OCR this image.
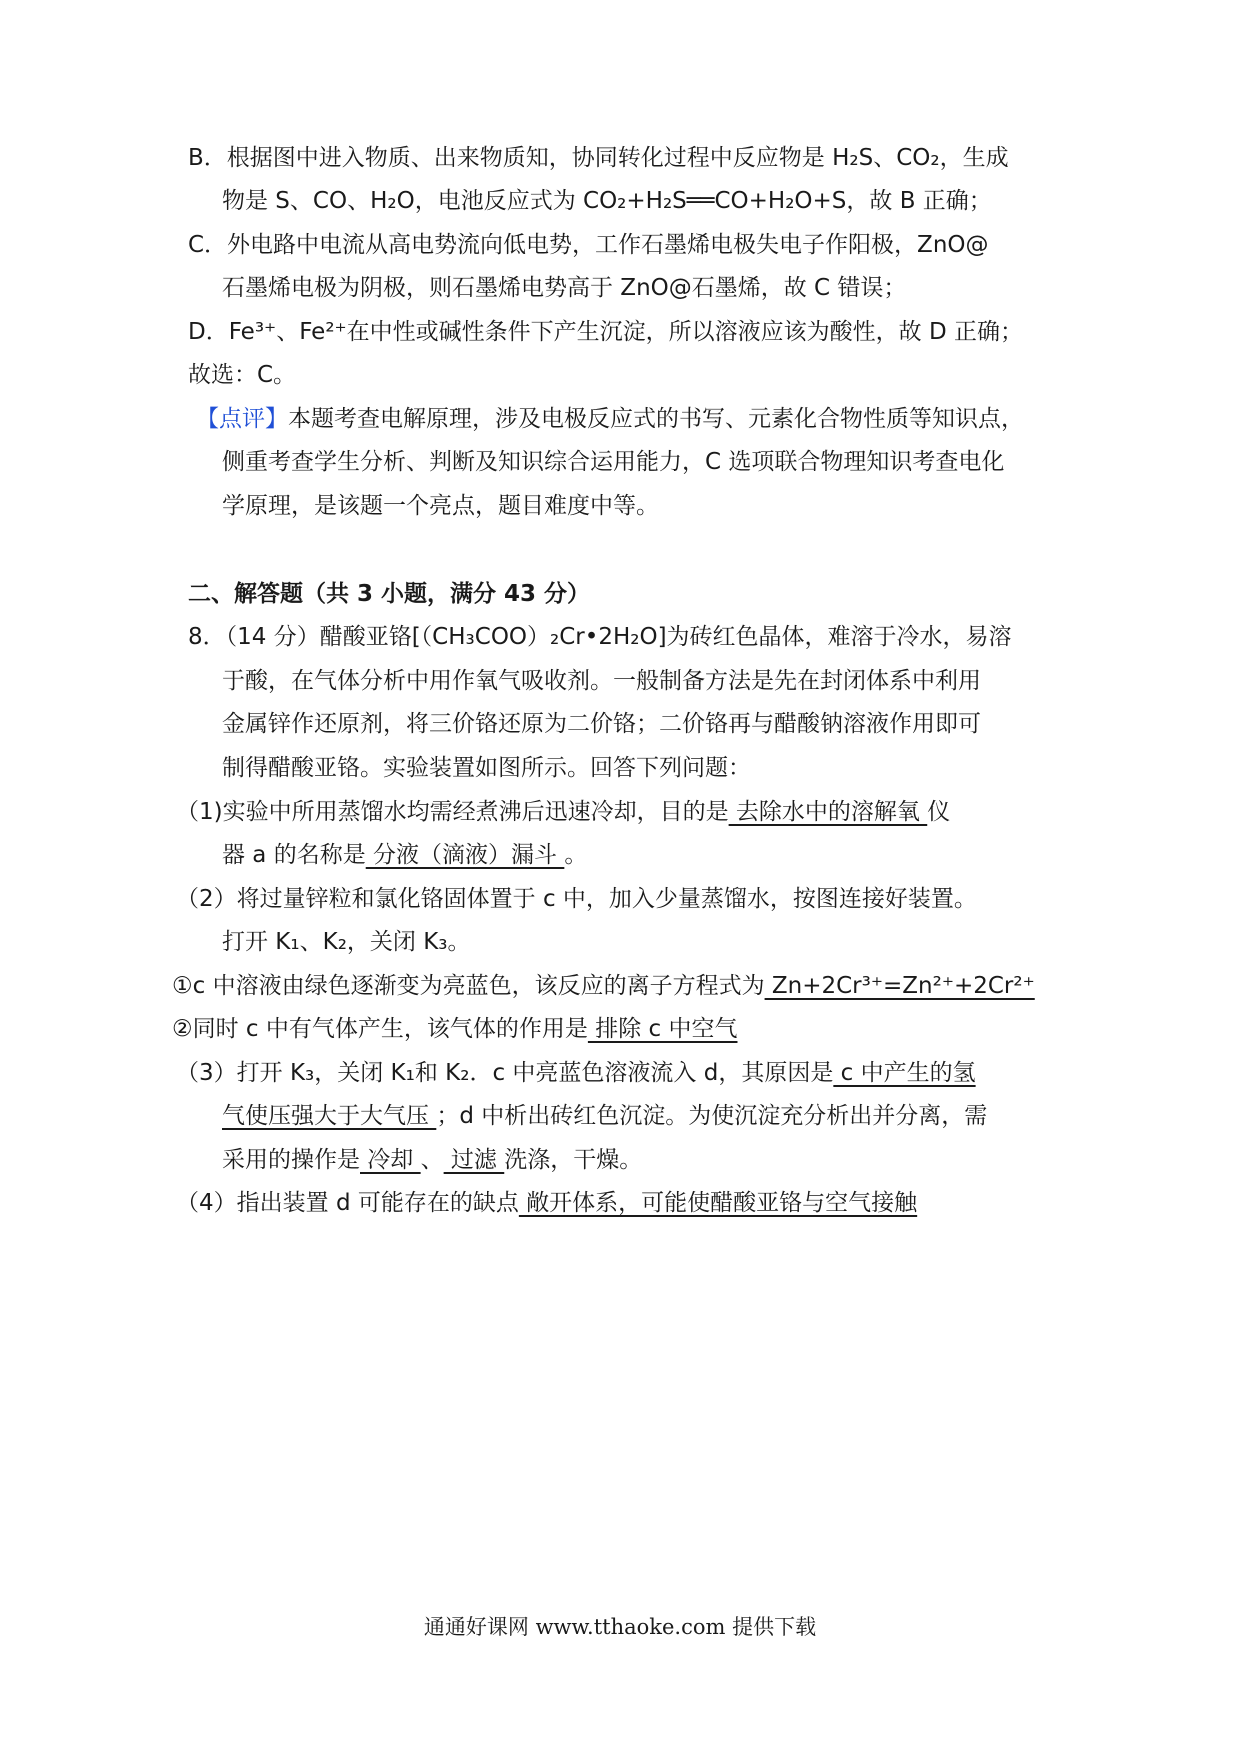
B．根据图中进入物质、出来物质知，协同转化过程中反应物是 H₂S、CO₂，生成
物是 S、CO、H₂O，电池反应式为 CO₂+H₂S══CO+H₂O+S，故 B 正确；
C．外电路中电流从高电势流向低电势，工作石墨烯电极失电子作阳极，ZnO@
石墨烯电极为阴极，则石墨烯电势高于 ZnO@石墨烯，故 C 错误；
D．Fe³⁺、Fe²⁺在中性或碱性条件下产生沉淀，所以溶液应该为酸性，故 D 正确；
故选：C。
【点评】本题考查电解原理，涉及电极反应式的书写、元素化合物性质等知识点，
侧重考查学生分析、判断及知识综合运用能力，C 选项联合物理知识考查电化
学原理，是该题一个亮点，题目难度中等。
二、解答题（共 3 小题，满分 43 分）
8．（14 分）醋酸亚铬[（CH₃COO）₂Cr•2H₂O]为砖红色晶体，难溶于冷水，易溶
于酸，在气体分析中用作氧气吸收剂。一般制备方法是先在封闭体系中利用
金属锌作还原剂，将三价铬还原为二价铬；二价铬再与醋酸钠溶液作用即可
制得醋酸亚铬。实验装置如图所示。回答下列问题：
（1)实验中所用蒸馏水均需经煮沸后迅速冷却，目的是 去除水中的溶解氧 仪
器 a 的名称是 分液（滴液）漏斗 。
（2）将过量锌粒和氯化铬固体置于 c 中，加入少量蒸馏水，按图连接好装置。
打开 K₁、K₂，关闭 K₃。
①c 中溶液由绿色逐渐变为亮蓝色，该反应的离子方程式为 Zn+2Cr³⁺=Zn²⁺+2Cr²⁺
②同时 c 中有气体产生，该气体的作用是 排除 c 中空气
（3）打开 K₃，关闭 K₁和 K₂．c 中亮蓝色溶液流入 d，其原因是 c 中产生的氢
气使压强大于大气压 ；d 中析出砖红色沉淀。为使沉淀充分析出并分离，需
采用的操作是 冷却 、 过滤 洗涤，干燥。
（4）指出装置 d 可能存在的缺点 敞开体系，可能使醋酸亚铬与空气接触
通通好课网 www.tthaoke.com 提供下载
